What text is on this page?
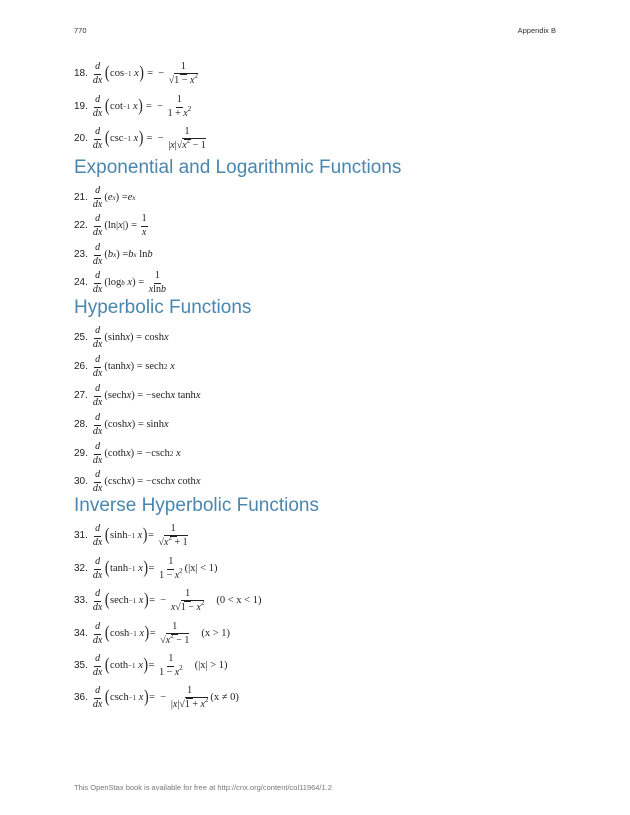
770	Appendix B
18. $\frac{d}{dx}$ ( cos −1
x ) =  − 1
√ $1 - x^2$
19. $\frac{d}{dx}$ ( cot −1
x ) =  − $\frac{1}{1 + x^2}$
20. $\frac{d}{dx}$ ( csc −1
x ) =  − $\frac{1}{|x| √ x^2 - 1}$
Exponential and Logarithmic Functions
21. $\frac{d}{dx}$ ( e x ) = e x
22. $\frac{d}{dx} (\ln|$ x |) = $\frac{1}{x}$
23. $\frac{d}{dx}$ ( b x ) = b x ln b
24. $\frac{d}{dx} (\log$ b
x ) = $\frac{1}{xlnb}$
Hyperbolic Functions
25. $\frac{d}{dx} (\sinh$ x ) = cosh x
26. $\frac{d}{dx} (\tanh$ x ) = sech 2
x
27. $\frac{d}{dx} (\sec h$ x ) = −sech x tanh x
28. $\frac{d}{dx} (\cosh$ x ) = sinh x
29. $\frac{d}{dx} (\cot h$ x ) = −csch 2
x
30. $\frac{d}{dx} (\csc h$ x ) = −csch x coth x
Inverse Hyperbolic Functions
31. $\frac{d}{dx}$ ( sinh −1
x ) = 1
√ $x^2 + 1$
32. $\frac{d}{dx}$ ( tanh −1
x ) = $\frac{1}{1 - x^2} (|x| < 1)$
33. $\frac{d}{dx}$ ( sech −1
x ) =  − $\frac{1}{x √ 1 - x^2} (0 < x < 1)$
34. $\frac{d}{dx}$ ( cosh −1
x ) = 1
√ $x^2 - 1$ (x > 1)
35. $\frac{d}{dx}$ ( coth −1
x ) = $\frac{1}{1 - x^2} (|x| > 1)$
36. $\frac{d}{dx}$ ( csch −1
x ) =  − $\frac{1}{|x| √ 1 + x^2} (x \ne 0)$
This OpenStax book is available for free at http://cnx.org/content/col11964/1.2
